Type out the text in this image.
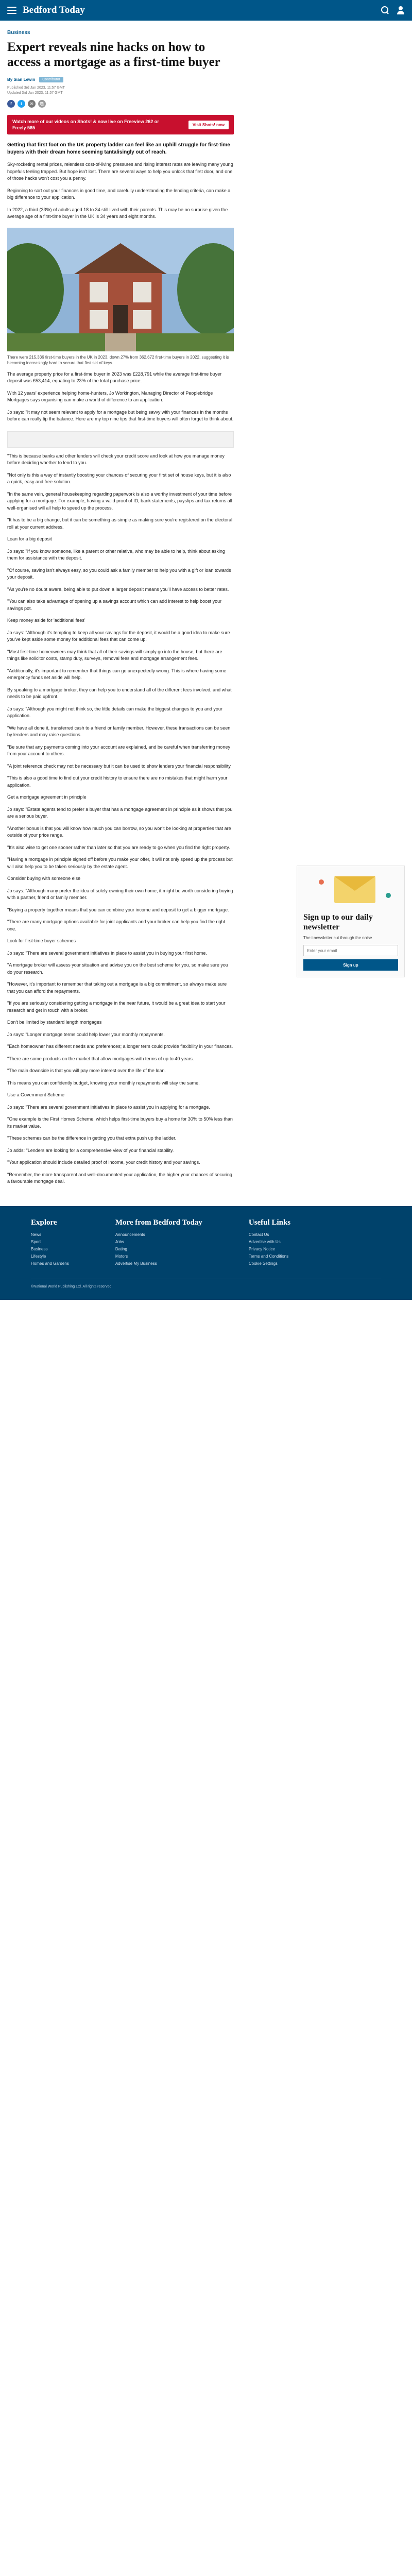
Bedford Today
Business
Expert reveals nine hacks on how to access a mortgage as a first-time buyer
By Sian Lewin	Contributor
Published 3rd Jan 2023, 11:57 GMT
Updated 3rd Jan 2023, 11:57 GMT
f	t	✉	⎘
Watch more of our videos on Shots! & now live on Freeview 262 or Freely 565
Visit Shots! now

Getting that first foot on the UK property ladder can feel like an uphill struggle for first-time buyers with their dream home seeming tantalisingly out of reach.

Sky-rocketing rental prices, relentless cost-of-living pressures and rising interest rates are leaving many young hopefuls feeling trapped. But hope isn't lost. There are several ways to help you unlock that first door, and one of those hacks won't cost you a penny.

Beginning to sort out your finances in good time, and carefully understanding the lending criteria, can make a big difference to your application.

In 2022, a third (33%) of adults aged 18 to 34 still lived with their parents. This may be no surprise given the average age of a first-time buyer in the UK is 34 years and eight months.

There were 215,336 first-time buyers in the UK in 2023, down 27% from 362,672 first-time buyers in 2022, suggesting it is becoming increasingly hard to secure that first set of keys.

The average property price for a first-time buyer in 2023 was £228,791 while the average first-time buyer deposit was £53,414, equating to 23% of the total purchase price.

With 12 years' experience helping home-hunters, Jo Workington, Managing Director of Peoplebridge Mortgages says organising can make a world of difference to an application.

Jo says: "It may not seem relevant to apply for a mortgage but being savvy with your finances in the months before can really tip the balance. Here are my top nine tips that first-time buyers will often forget to think about.

"This is because banks and other lenders will check your credit score and look at how you manage money before deciding whether to lend to you.

"Not only is this a way of instantly boosting your chances of securing your first set of house keys, but it is also a quick, easy and free solution.

"In the same vein, general housekeeping regarding paperwork is also a worthy investment of your time before applying for a mortgage. For example, having a valid proof of ID, bank statements, payslips and tax returns all well-organised will all help to speed up the process.

"It has to be a big change, but it can be something as simple as making sure you're registered on the electoral roll at your current address.

Loan for a big deposit

Jo says: "If you know someone, like a parent or other relative, who may be able to help, think about asking them for assistance with the deposit.

"Of course, saving isn't always easy, so you could ask a family member to help you with a gift or loan towards your deposit.

"As you're no doubt aware, being able to put down a larger deposit means you'll have access to better rates.

"You can also take advantage of opening up a savings account which can add interest to help boost your savings pot.

Keep money aside for 'additional fees'

Jo says: "Although it's tempting to keep all your savings for the deposit, it would be a good idea to make sure you've kept aside some money for additional fees that can come up.

"Most first-time homeowners may think that all of their savings will simply go into the house, but there are things like solicitor costs, stamp duty, surveys, removal fees and mortgage arrangement fees.

"Additionally, it's important to remember that things can go unexpectedly wrong. This is where having some emergency funds set aside will help.

By speaking to a mortgage broker, they can help you to understand all of the different fees involved, and what needs to be paid upfront.

Jo says: "Although you might not think so, the little details can make the biggest changes to you and your application.

"We have all done it, transferred cash to a friend or family member. However, these transactions can be seen by lenders and may raise questions.

"Be sure that any payments coming into your account are explained, and be careful when transferring money from your account to others.

"A joint reference check may not be necessary but it can be used to show lenders your financial responsibility.

"This is also a good time to find out your credit history to ensure there are no mistakes that might harm your application.

Get a mortgage agreement in principle

Jo says: "Estate agents tend to prefer a buyer that has a mortgage agreement in principle as it shows that you are a serious buyer.

"Another bonus is that you will know how much you can borrow, so you won't be looking at properties that are outside of your price range.

"It's also wise to get one sooner rather than later so that you are ready to go when you find the right property.

"Having a mortgage in principle signed off before you make your offer, it will not only speed up the process but will also help you to be taken seriously by the estate agent.

Consider buying with someone else

Jo says: "Although many prefer the idea of solely owning their own home, it might be worth considering buying with a partner, friend or family member.

"Buying a property together means that you can combine your income and deposit to get a bigger mortgage.

"There are many mortgage options available for joint applicants and your broker can help you find the right one.

Look for first-time buyer schemes

Jo says: "There are several government initiatives in place to assist you in buying your first home.

"A mortgage broker will assess your situation and advise you on the best scheme for you, so make sure you do your research.

"However, it's important to remember that taking out a mortgage is a big commitment, so always make sure that you can afford the repayments.

"If you are seriously considering getting a mortgage in the near future, it would be a great idea to start your research and get in touch with a broker.

Don't be limited by standard length mortgages

Jo says: "Longer mortgage terms could help lower your monthly repayments.

"Each homeowner has different needs and preferences; a longer term could provide flexibility in your finances.

"There are some products on the market that allow mortgages with terms of up to 40 years.

"The main downside is that you will pay more interest over the life of the loan.

This means you can confidently budget, knowing your monthly repayments will stay the same.

Use a Government Scheme

Jo says: "There are several government initiatives in place to assist you in applying for a mortgage.

"One example is the First Homes Scheme, which helps first-time buyers buy a home for 30% to 50% less than its market value.

"These schemes can be the difference in getting you that extra push up the ladder.

Jo adds: "Lenders are looking for a comprehensive view of your financial stability.

"Your application should include detailed proof of income, your credit history and your savings.

"Remember, the more transparent and well-documented your application, the higher your chances of securing a favourable mortgage deal.

Sign up to our daily newsletter
The i newsletter cut through the noise
Enter your email Sign up
Explore
News
Sport
Business
Lifestyle
Homes and Gardens
More from Bedford Today
Announcements
Jobs
Dating
Motors
Advertise My Business
Useful Links
Contact Us
Advertise with Us
Privacy Notice
Terms and Conditions
Cookie Settings
©National World Publishing Ltd. All rights reserved.
